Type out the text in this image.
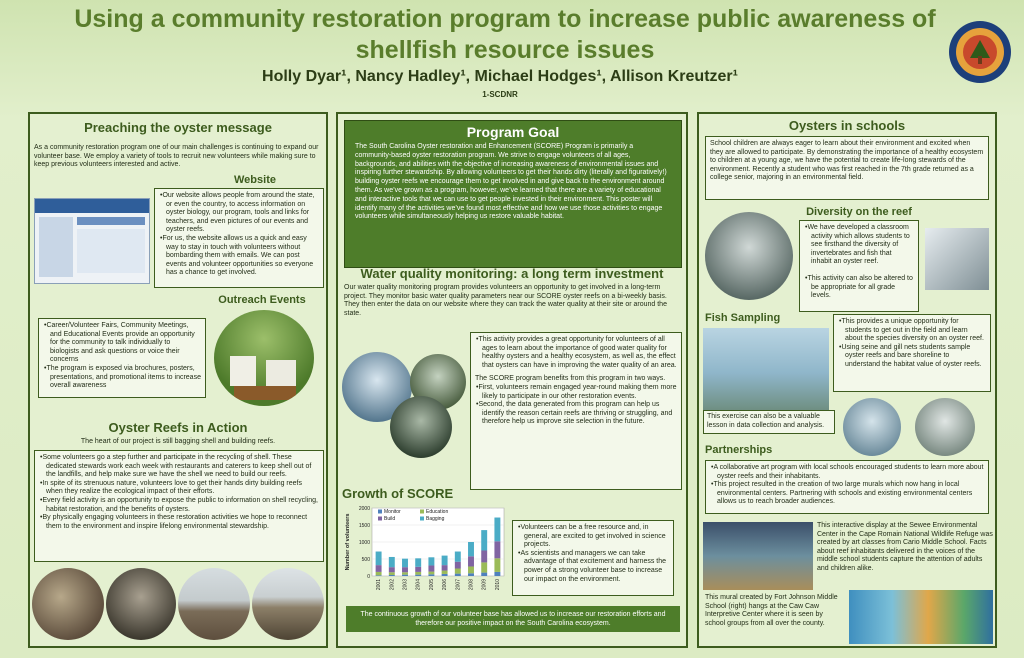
Using a community restoration program to increase public awareness of shellfish resource issues
Holly Dyar¹, Nancy Hadley¹, Michael Hodges¹, Allison Kreutzer¹
1-SCDNR
Preaching the oyster message
As a community restoration program one of our main challenges is continuing to expand our volunteer base. We employ a variety of tools to recruit new volunteers while making sure to keep previous volunteers interested and active.
Website
• Our website allows people from around the state, or even the country, to access information on oyster biology, our program, tools and links for teachers, and even pictures of our events and oyster reefs.
• For us, the website allows us a quick and easy way to stay in touch with volunteers without bombarding them with emails. We can post events and volunteer opportunities so everyone has a chance to get involved.
Outreach Events
• Career/Volunteer Fairs, Community Meetings, and Educational Events provide an opportunity for the community to talk individually to biologists and ask questions or voice their concerns
• The program is exposed via brochures, posters, presentations, and promotional items to increase overall awareness
Oyster Reefs in Action
The heart of our project is still bagging shell and building reefs.
• Some volunteers go a step further and participate in the recycling of shell. These dedicated stewards work each week with restaurants and caterers to keep shell out of the landfills, and help make sure we have the shell we need to build our reefs.
• In spite of its strenuous nature, volunteers love to get their hands dirty building reefs when they realize the ecological impact of their efforts.
• Every field activity is an opportunity to expose the public to information on shell recycling, habitat restoration, and the benefits of oysters.
• By physically engaging volunteers in these restoration activities we hope to reconnect them to the environment and inspire lifelong environmental stewardship.
Program Goal
The South Carolina Oyster restoration and Enhancement (SCORE) Program is primarily a community-based oyster restoration program. We strive to engage volunteers of all ages, backgrounds, and abilities with the objective of increasing awareness of environmental issues and inspiring further stewardship. By allowing volunteers to get their hands dirty (literally and figuratively!) building oyster reefs we encourage them to get involved in and give back to the environment around them. As we’ve grown as a program, however, we’ve learned that there are a variety of educational and interactive tools that we can use to get people invested in their environment. This poster will identify many of the activities we’ve found most effective and how we use those activities to engage volunteers while simultaneously helping us restore valuable habitat.
Water quality monitoring: a long term investment
Our water quality monitoring program provides volunteers an opportunity to get involved in a long-term project. They monitor basic water quality parameters near our SCORE oyster reefs on a bi-weekly basis. They then enter the data on our website where they can track the water quality at their site or around the state.
• This activity provides a great opportunity for volunteers of all ages to learn about the importance of good water quality for healthy oysters and a healthy ecosystem, as well as, the effect that oysters can have in improving the water quality of an area.
The SCORE program benefits from this program in two ways.
• First, volunteers remain engaged year-round making them more likely to participate in our other restoration events.
• Second, the data generated from this program can help us identify the reason certain reefs are thriving or struggling, and therefore help us improve site selection in the future.
Growth of SCORE
0
500
1000
1500
2000
Number of volunteers
2001 2002 2003 2004 2005 2006 2007 2008 2009 2010
Monitor	Education
Build	Bagging
• Volunteers can be a free resource and, in general, are excited to get involved in science projects.
• As scientists and managers we can take advantage of that excitement and harness the power of a strong volunteer base to increase our impact on the environment.
The continuous growth of our volunteer base has allowed us to increase our restoration efforts and therefore our positive impact on the South Carolina ecosystem.
Oysters in schools
School children are always eager to learn about their environment and excited when they are allowed to participate. By demonstrating the importance of a healthy ecosystem to children at a young age, we have the potential to create life-long stewards of the environment. Recently a student who was first reached in the 7th grade returned as a college senior, majoring in an environmental field.
Diversity on the reef
• We have developed a classroom activity which allows students to see firsthand the diversity of invertebrates and fish that inhabit an oyster reef.
• This activity can also be altered to be appropriate for all grade levels.
Fish Sampling
•	This provides a unique opportunity for students to get out in the field and learn about the species diversity on an oyster reef.
• Using seine and gill nets students sample oyster reefs and bare shoreline to understand the habitat value of oyster reefs.
This exercise can also be a valuable lesson in data collection and analysis.
Partnerships
• A collaborative art program with local schools encouraged students to learn more about oyster reefs and their inhabitants.
• This project resulted in the creation of two large murals which now hang in local environmental centers. Partnering with schools and existing environmental centers allows us to reach broader audiences.
This interactive display at the Sewee Environmental Center in the Cape Romain National Wildlife Refuge was created by art classes from Cario Middle School. Facts about reef inhabitants delivered in the voices of the middle school students capture the attention of adults and children alike.
This mural created by Fort Johnson Middle School (right) hangs at the Caw Caw Interpretive Center where it is seen by school groups from all over the county.
